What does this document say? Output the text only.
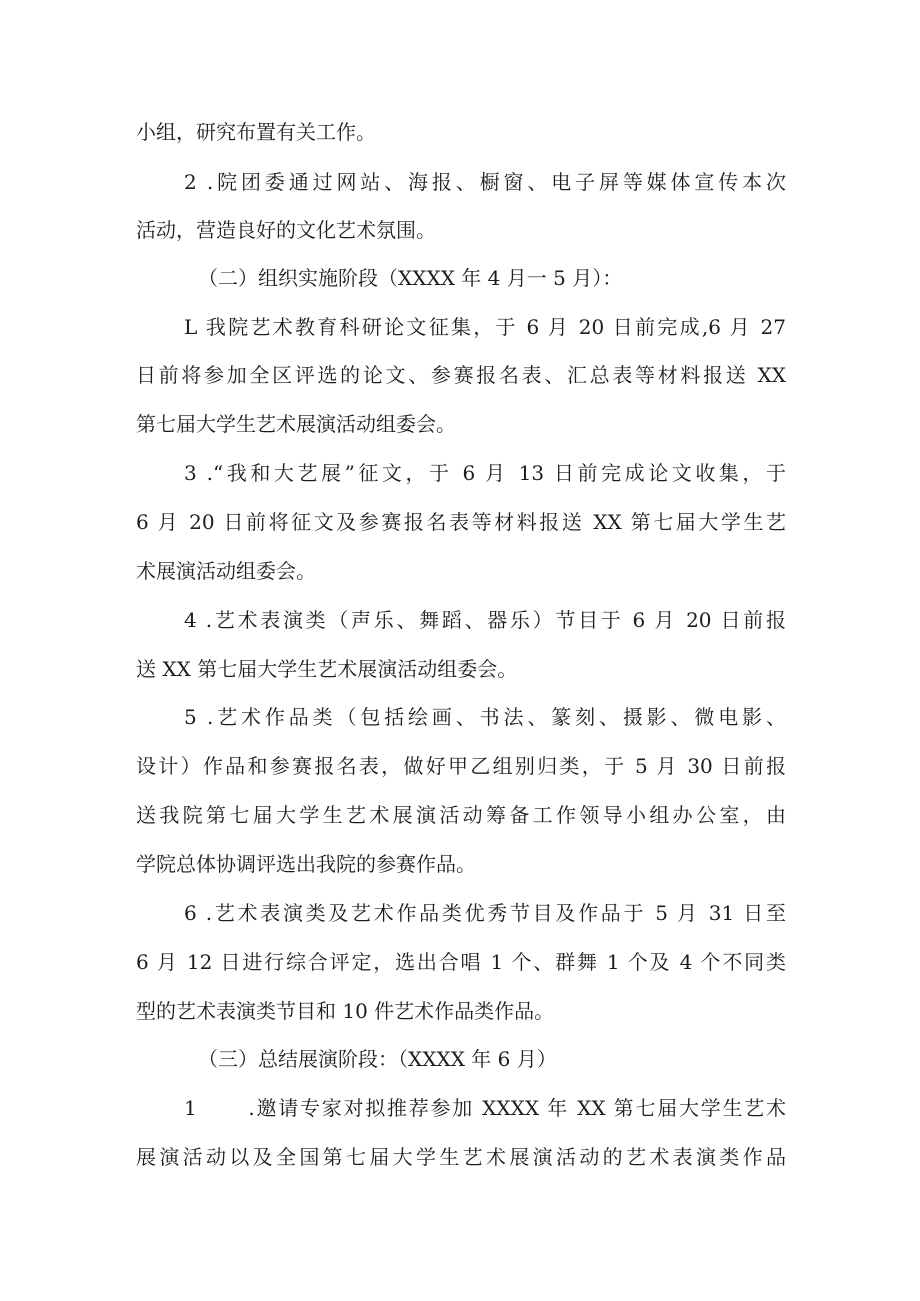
小组，研究布置有关工作。
2 .院团委通过网站、海报、橱窗、电子屏等媒体宣传本次
活动，营造良好的文化艺术氛围。
（二）组织实施阶段（XXXX 年 4 月一 5 月）：
L 我院艺术教育科研论文征集，于 6 月 20 日前完成,6 月 27
日前将参加全区评选的论文、参赛报名表、汇总表等材料报送 XX
第七届大学生艺术展演活动组委会。
3 .“我和大艺展”征文，于 6 月 13 日前完成论文收集，于
6 月 20 日前将征文及参赛报名表等材料报送 XX 第七届大学生艺
术展演活动组委会。
4 .艺术表演类（声乐、舞蹈、器乐）节目于 6 月 20 日前报
送 XX 第七届大学生艺术展演活动组委会。
5 .艺术作品类（包括绘画、书法、篆刻、摄影、微电影、
设计）作品和参赛报名表，做好甲乙组别归类，于 5 月 30 日前报
送我院第七届大学生艺术展演活动筹备工作领导小组办公室，由
学院总体协调评选出我院的参赛作品。
6 .艺术表演类及艺术作品类优秀节目及作品于 5 月 31 日至
6 月 12 日进行综合评定，选出合唱 1 个、群舞 1 个及 4 个不同类
型的艺术表演类节目和 10 件艺术作品类作品。
（三）总结展演阶段：（XXXX 年 6 月）
1 　　.邀请专家对拟推荐参加 XXXX 年 XX 第七届大学生艺术
展演活动以及全国第七届大学生艺术展演活动的艺术表演类作品
